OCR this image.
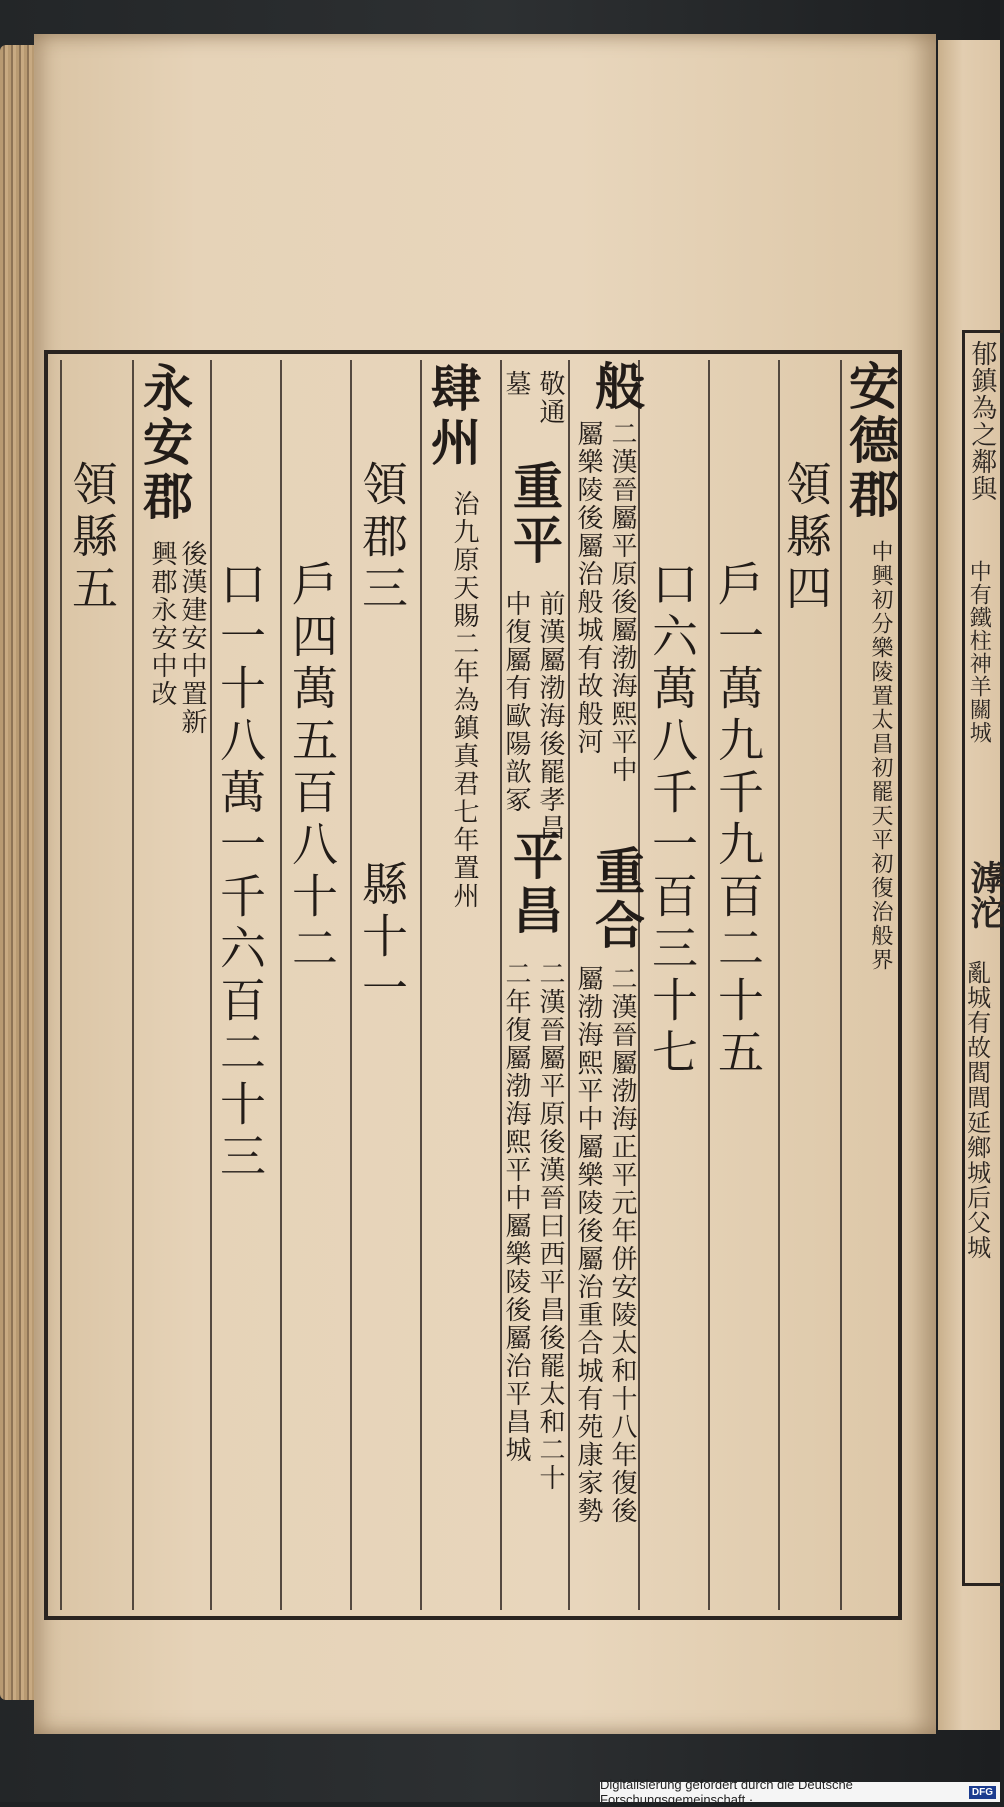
郁鎮為之鄰與
中有鐵柱神羊關城
滹沱
亂城有故閻閭延鄉城后父城
安德郡
中興初分樂陵置太昌初罷天平初復治般界
領縣四
戶一萬九千九百二十五
口六萬八千一百三十七
般
二漢晉屬平原後屬渤海熙平中
重合
二漢晉屬渤海正平元年併安陵太和十八年復後
屬樂陵後屬治般城有故般河
屬渤海熙平中屬樂陵後屬治重合城有苑康家勢
敬通
重平
前漢屬渤海後罷孝昌
平昌
二漢晉屬平原後漢晉曰西平昌後罷太和二十
墓
中復屬有歐陽歆冢
二年復屬渤海熙平中屬樂陵後屬治平昌城
肆州
治九原天賜二年為鎮真君七年置州
領郡三
縣十一
戶四萬五百八十二
口一十八萬一千六百二十三
永安郡
後漢建安中置新
興郡永安中改
領縣五
Digitalisierung gefördert durch die Deutsche Forschungsgemeinschaft ·	DFG
